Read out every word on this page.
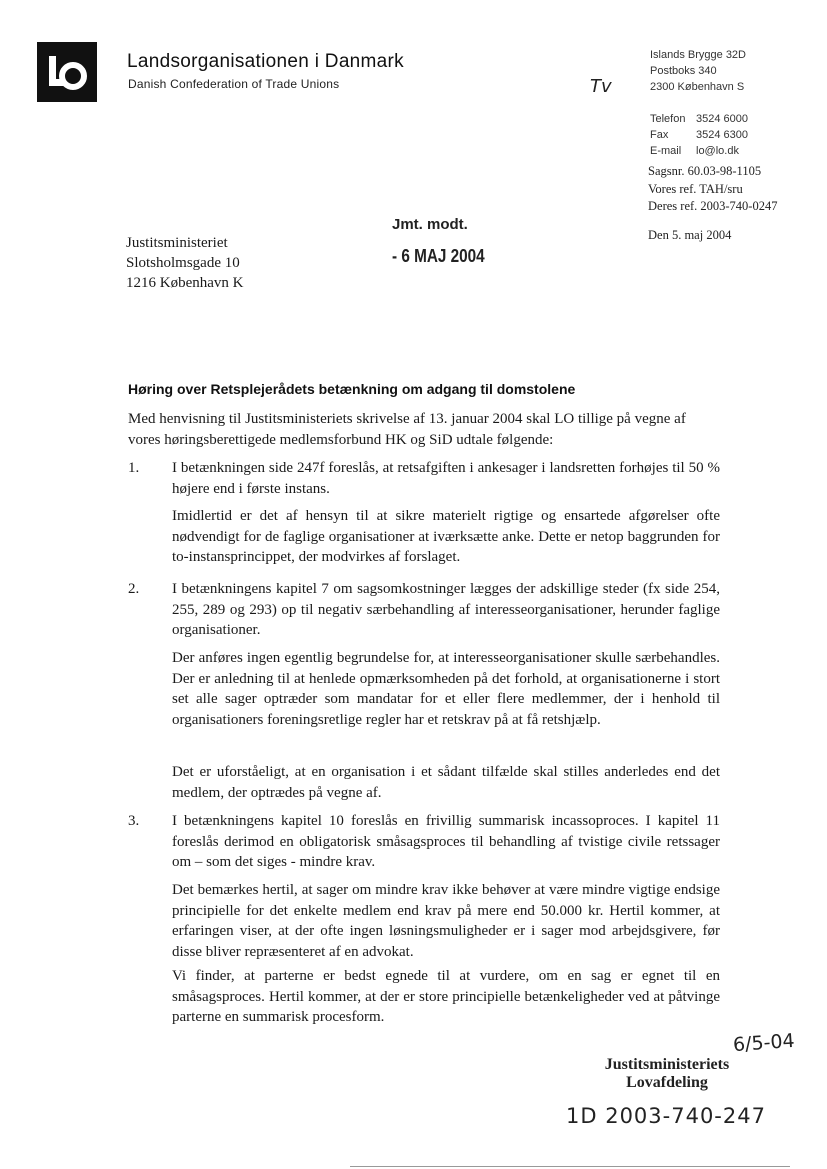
Landsorganisationen i Danmark
Danish Confederation of Trade Unions
Islands Brygge 32D
Postboks 340
2300 København S
Telefon 3524 6000
Fax	3524 6300
E-mail lo@lo.dk
Tv
Sagsnr. 60.03-98-1105
Vores ref. TAH/sru
Deres ref. 2003-740-0247
Den 5. maj 2004
Jmt. modt.
- 6 MAJ 2004
Justitsministeriet
Slotsholmsgade 10
1216 København K
Høring over Retsplejerådets betænkning om adgang til domstolene
Med henvisning til Justitsministeriets skrivelse af 13. januar 2004 skal LO tillige på vegne af vores høringsberettigede medlemsforbund HK og SiD udtale følgende:
1. I betænkningen side 247f foreslås, at retsafgiften i ankesager i landsretten forhøjes til 50 % højere end i første instans.
Imidlertid er det af hensyn til at sikre materielt rigtige og ensartede afgørelser ofte nødvendigt for de faglige organisationer at iværksætte anke. Dette er netop baggrunden for to-instansprincippet, der modvirkes af forslaget.
2. I betænkningens kapitel 7 om sagsomkostninger lægges der adskillige steder (fx side 254, 255, 289 og 293) op til negativ særbehandling af interesseorganisationer, herunder faglige organisationer.
Der anføres ingen egentlig begrundelse for, at interesseorganisationer skulle særbehandles. Der er anledning til at henlede opmærksomheden på det forhold, at organisationerne i stort set alle sager optræder som mandatar for et eller flere medlemmer, der i henhold til organisationers foreningsretlige regler har et retskrav på at få retshjælp.
Det er uforståeligt, at en organisation i et sådant tilfælde skal stilles anderledes end det medlem, der optrædes på vegne af.
3. I betænkningens kapitel 10 foreslås en frivillig summarisk incassoproces. I kapitel 11 foreslås derimod en obligatorisk småsagsproces til behandling af tvistige civile retssager om – som det siges - mindre krav.
Det bemærkes hertil, at sager om mindre krav ikke behøver at være mindre vigtige endsige principielle for det enkelte medlem end krav på mere end 50.000 kr. Hertil kommer, at erfaringen viser, at der ofte ingen løsningsmuligheder er i sager mod arbejdsgivere, før disse bliver repræsenteret af en advokat.
Vi finder, at parterne er bedst egnede til at vurdere, om en sag er egnet til en småsagsproces. Hertil kommer, at der er store principielle betænkeligheder ved at påtvinge parterne en summarisk procesform.
6/5-04
Justitsministeriets
Lovafdeling
1D 2003-740-247
